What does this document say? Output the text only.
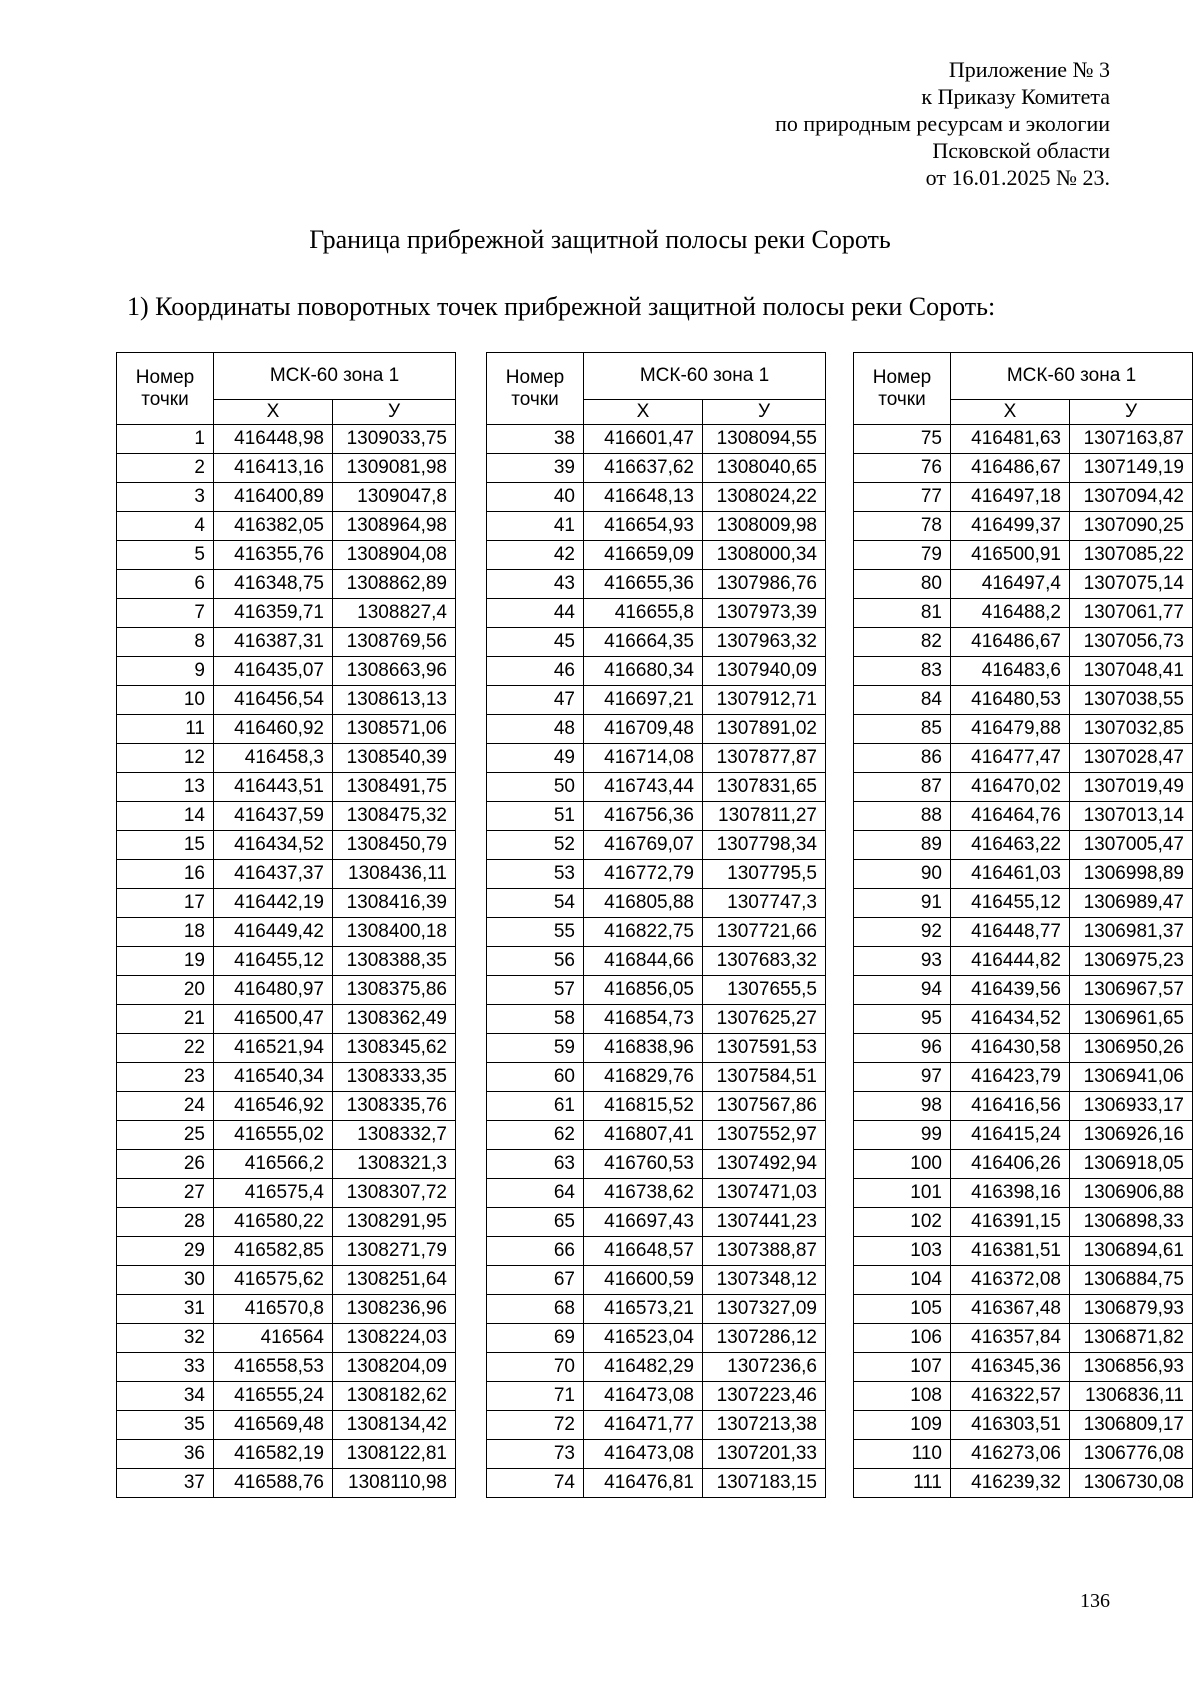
Приложение № 3
к Приказу Комитета
по природным ресурсам и экологии
Псковской области
от 16.01.2025 № 23.
Граница прибрежной защитной полосы реки Сороть
1) Координаты поворотных точек прибрежной защитной полосы реки Сороть:
Номер точки	МСК-60 зона 1	
	X	У
1	416448,98	1309033,75
2	416413,16	1309081,98
3	416400,89	1309047,8
4	416382,05	1308964,98
5	416355,76	1308904,08
6	416348,75	1308862,89
7	416359,71	1308827,4
8	416387,31	1308769,56
9	416435,07	1308663,96
10	416456,54	1308613,13
11	416460,92	1308571,06
12	416458,3	1308540,39
13	416443,51	1308491,75
14	416437,59	1308475,32
15	416434,52	1308450,79
16	416437,37	1308436,11
17	416442,19	1308416,39
18	416449,42	1308400,18
19	416455,12	1308388,35
20	416480,97	1308375,86
21	416500,47	1308362,49
22	416521,94	1308345,62
23	416540,34	1308333,35
24	416546,92	1308335,76
25	416555,02	1308332,7
26	416566,2	1308321,3
27	416575,4	1308307,72
28	416580,22	1308291,95
29	416582,85	1308271,79
30	416575,62	1308251,64
31	416570,8	1308236,96
32	416564	1308224,03
33	416558,53	1308204,09
34	416555,24	1308182,62
35	416569,48	1308134,42
36	416582,19	1308122,81
37	416588,76	1308110,98
Номер точки	МСК-60 зона 1	
	X	У
38	416601,47	1308094,55
39	416637,62	1308040,65
40	416648,13	1308024,22
41	416654,93	1308009,98
42	416659,09	1308000,34
43	416655,36	1307986,76
44	416655,8	1307973,39
45	416664,35	1307963,32
46	416680,34	1307940,09
47	416697,21	1307912,71
48	416709,48	1307891,02
49	416714,08	1307877,87
50	416743,44	1307831,65
51	416756,36	1307811,27
52	416769,07	1307798,34
53	416772,79	1307795,5
54	416805,88	1307747,3
55	416822,75	1307721,66
56	416844,66	1307683,32
57	416856,05	1307655,5
58	416854,73	1307625,27
59	416838,96	1307591,53
60	416829,76	1307584,51
61	416815,52	1307567,86
62	416807,41	1307552,97
63	416760,53	1307492,94
64	416738,62	1307471,03
65	416697,43	1307441,23
66	416648,57	1307388,87
67	416600,59	1307348,12
68	416573,21	1307327,09
69	416523,04	1307286,12
70	416482,29	1307236,6
71	416473,08	1307223,46
72	416471,77	1307213,38
73	416473,08	1307201,33
74	416476,81	1307183,15
Номер точки	МСК-60 зона 1	
	X	У
75	416481,63	1307163,87
76	416486,67	1307149,19
77	416497,18	1307094,42
78	416499,37	1307090,25
79	416500,91	1307085,22
80	416497,4	1307075,14
81	416488,2	1307061,77
82	416486,67	1307056,73
83	416483,6	1307048,41
84	416480,53	1307038,55
85	416479,88	1307032,85
86	416477,47	1307028,47
87	416470,02	1307019,49
88	416464,76	1307013,14
89	416463,22	1307005,47
90	416461,03	1306998,89
91	416455,12	1306989,47
92	416448,77	1306981,37
93	416444,82	1306975,23
94	416439,56	1306967,57
95	416434,52	1306961,65
96	416430,58	1306950,26
97	416423,79	1306941,06
98	416416,56	1306933,17
99	416415,24	1306926,16
100	416406,26	1306918,05
101	416398,16	1306906,88
102	416391,15	1306898,33
103	416381,51	1306894,61
104	416372,08	1306884,75
105	416367,48	1306879,93
106	416357,84	1306871,82
107	416345,36	1306856,93
108	416322,57	1306836,11
109	416303,51	1306809,17
110	416273,06	1306776,08
111	416239,32	1306730,08
136
